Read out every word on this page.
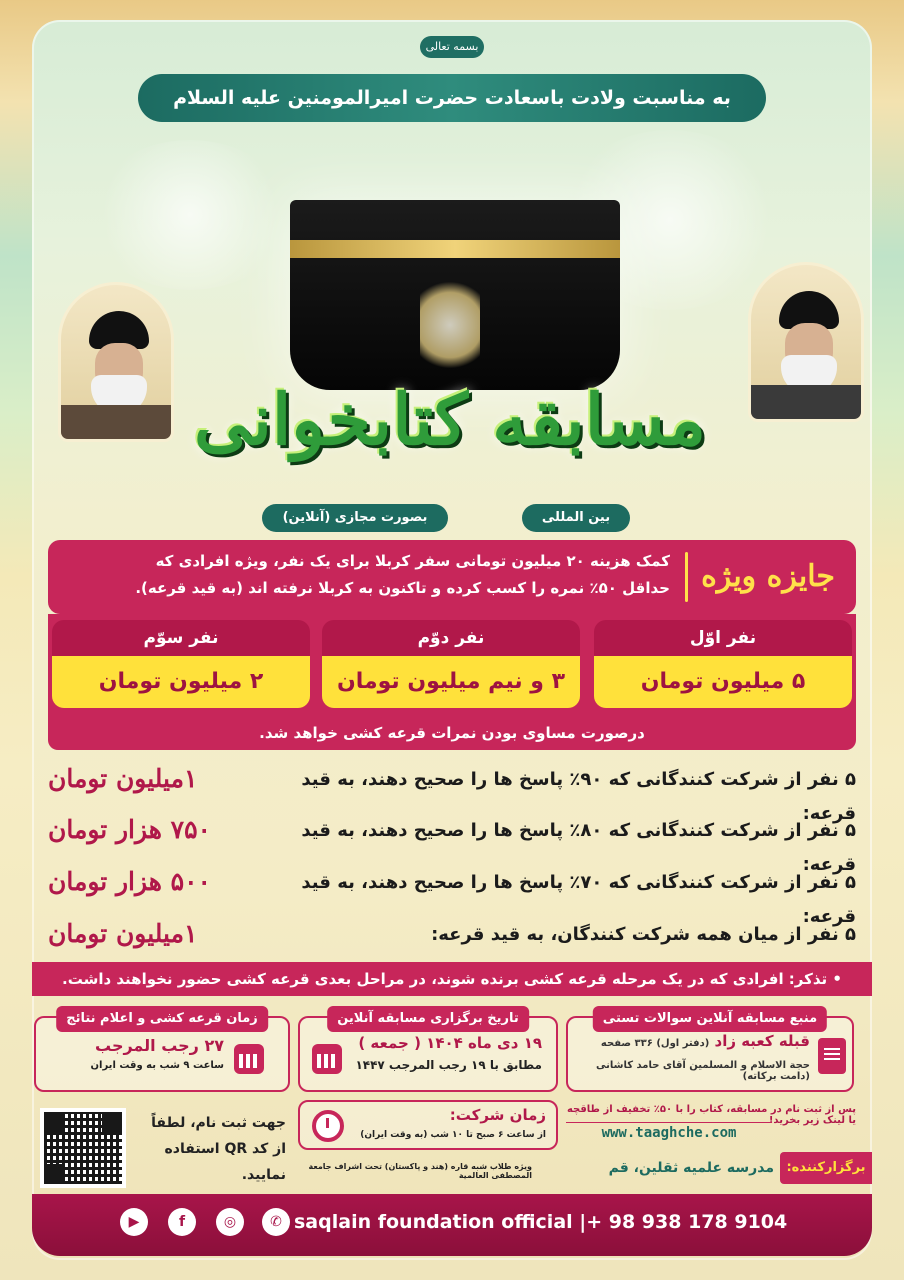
بسمه تعالی
به مناسبت ولادت باسعادت حضرت امیرالمومنین علیه السلام
مسابقه کتابخوانی
بین المللی
بصورت مجازی (آنلاین)
جایزه ویژه
کمک هزینه ۲۰ میلیون تومانی سفر کربلا برای یک نفر، ویژه افرادی که
حداقل ۵۰٪ نمره را کسب کرده و تاکنون به کربلا نرفته اند (به قید قرعه).
نفر اوّل
۵ میلیون تومان
نفر دوّم
۳ و نیم میلیون تومان
نفر سوّم
۲ میلیون تومان
درصورت مساوی بودن نمرات قرعه کشی خواهد شد.
۵ نفر از شرکت کنندگانی که ۹۰٪ پاسخ ها را صحیح دهند، به قید قرعه:
۱میلیون تومان
۵ نفر از شرکت کنندگانی که ۸۰٪ پاسخ ها را صحیح دهند، به قید قرعه:
۷۵۰ هزار تومان
۵ نفر از شرکت کنندگانی که ۷۰٪ پاسخ ها را صحیح دهند، به قید قرعه:
۵۰۰ هزار تومان
۵ نفر از میان همه شرکت کنندگان، به قید قرعه:
۱میلیون تومان
• تذکر: افرادی که در یک مرحله قرعه کشی برنده شوند، در مراحل بعدی قرعه کشی حضور نخواهند داشت.
منبع مسابقه آنلاین سوالات تستی
قبله کعبه زاد (دفتر اول) ۳۳۶ صفحه
حجة الاسلام و المسلمین آقای حامد کاشانی (دامت برکاته)
تاریخ برگزاری مسابقه آنلاین
۱۹ دی ماه ۱۴۰۴ ( جمعه )
مطابق با ۱۹ رجب المرجب ۱۴۴۷
زمان قرعه کشی و اعلام نتائج
۲۷ رجب المرجب
ساعت ۹ شب به وقت ایران
زمان شرکت:
از ساعت ۶ صبح تا ۱۰ شب (به وقت ایران)
پس از ثبت نام در مسابقه، کتاب را با ۵۰٪ تخفیف از طاقچه یا لینک زیر بخرید!
www.taaghche.com
برگزارکننده:
مدرسه علمیه ثقلین، قم
ویژه طلاب شبه قاره (هند و پاکستان) تحت اشراف جامعة المصطفی العالمیة
جهت ثبت نام، لطفاً
از کد QR استفاده نمایید.
▶	f	◎	✆ saqlain foundation official |+ 98 938 178 9104
